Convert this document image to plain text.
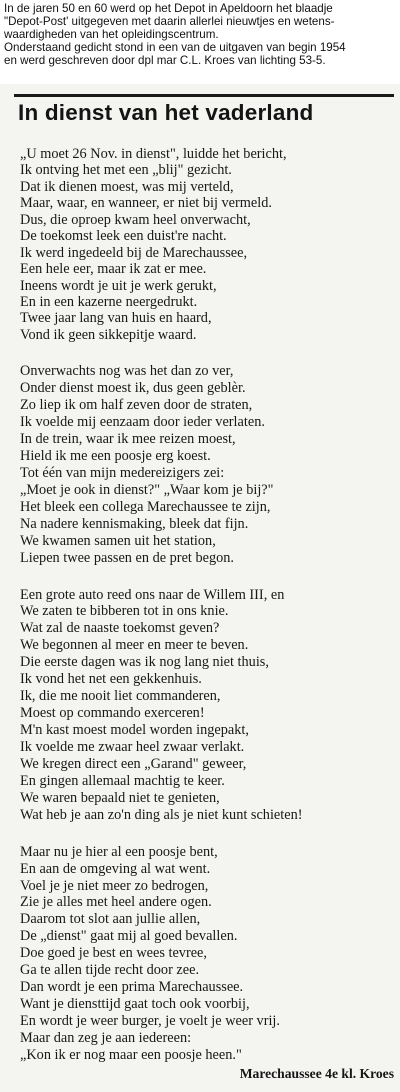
In de jaren 50 en 60 werd op het Depot in Apeldoorn het blaadje
"Depot-Post' uitgegeven met daarin allerlei nieuwtjes en wetens-
waardigheden van het opleidingscentrum.
Onderstaand gedicht stond in een van de uitgaven van begin 1954
en werd geschreven door dpl mar C.L. Kroes van lichting 53-5.
In dienst van het vaderland
„U moet 26 Nov. in dienst", luidde het bericht,
Ik ontving het met een „blij" gezicht.
Dat ik dienen moest, was mij verteld,
Maar, waar, en wanneer, er niet bij vermeld.
Dus, die oproep kwam heel onverwacht,
De toekomst leek een duist're nacht.
Ik werd ingedeeld bij de Marechaussee,
Een hele eer, maar ik zat er mee.
Ineens wordt je uit je werk gerukt,
En in een kazerne neergedrukt.
Twee jaar lang van huis en haard,
Vond ik geen sikkepitje waard.
Onverwachts nog was het dan zo ver,
Onder dienst moest ik, dus geen geblèr.
Zo liep ik om half zeven door de straten,
Ik voelde mij eenzaam door ieder verlaten.
In de trein, waar ik mee reizen moest,
Hield ik me een poosje erg koest.
Tot één van mijn medereizigers zei:
„Moet je ook in dienst?" „Waar kom je bij?"
Het bleek een collega Marechaussee te zijn,
Na nadere kennismaking, bleek dat fijn.
We kwamen samen uit het station,
Liepen twee passen en de pret begon.
Een grote auto reed ons naar de Willem III, en
We zaten te bibberen tot in ons knie.
Wat zal de naaste toekomst geven?
We begonnen al meer en meer te beven.
Die eerste dagen was ik nog lang niet thuis,
Ik vond het net een gekkenhuis.
Ik, die me nooit liet commanderen,
Moest op commando exerceren!
M'n kast moest model worden ingepakt,
Ik voelde me zwaar heel zwaar verlakt.
We kregen direct een „Garand" geweer,
En gingen allemaal machtig te keer.
We waren bepaald niet te genieten,
Wat heb je aan zo'n ding als je niet kunt schieten!
Maar nu je hier al een poosje bent,
En aan de omgeving al wat went.
Voel je je niet meer zo bedrogen,
Zie je alles met heel andere ogen.
Daarom tot slot aan jullie allen,
De „dienst" gaat mij al goed bevallen.
Doe goed je best en wees tevree,
Ga te allen tijde recht door zee.
Dan wordt je een prima Marechaussee.
Want je diensttijd gaat toch ook voorbij,
En wordt je weer burger, je voelt je weer vrij.
Maar dan zeg je aan iedereen:
„Kon ik er nog maar een poosje heen."
Marechaussee 4e kl. Kroes
